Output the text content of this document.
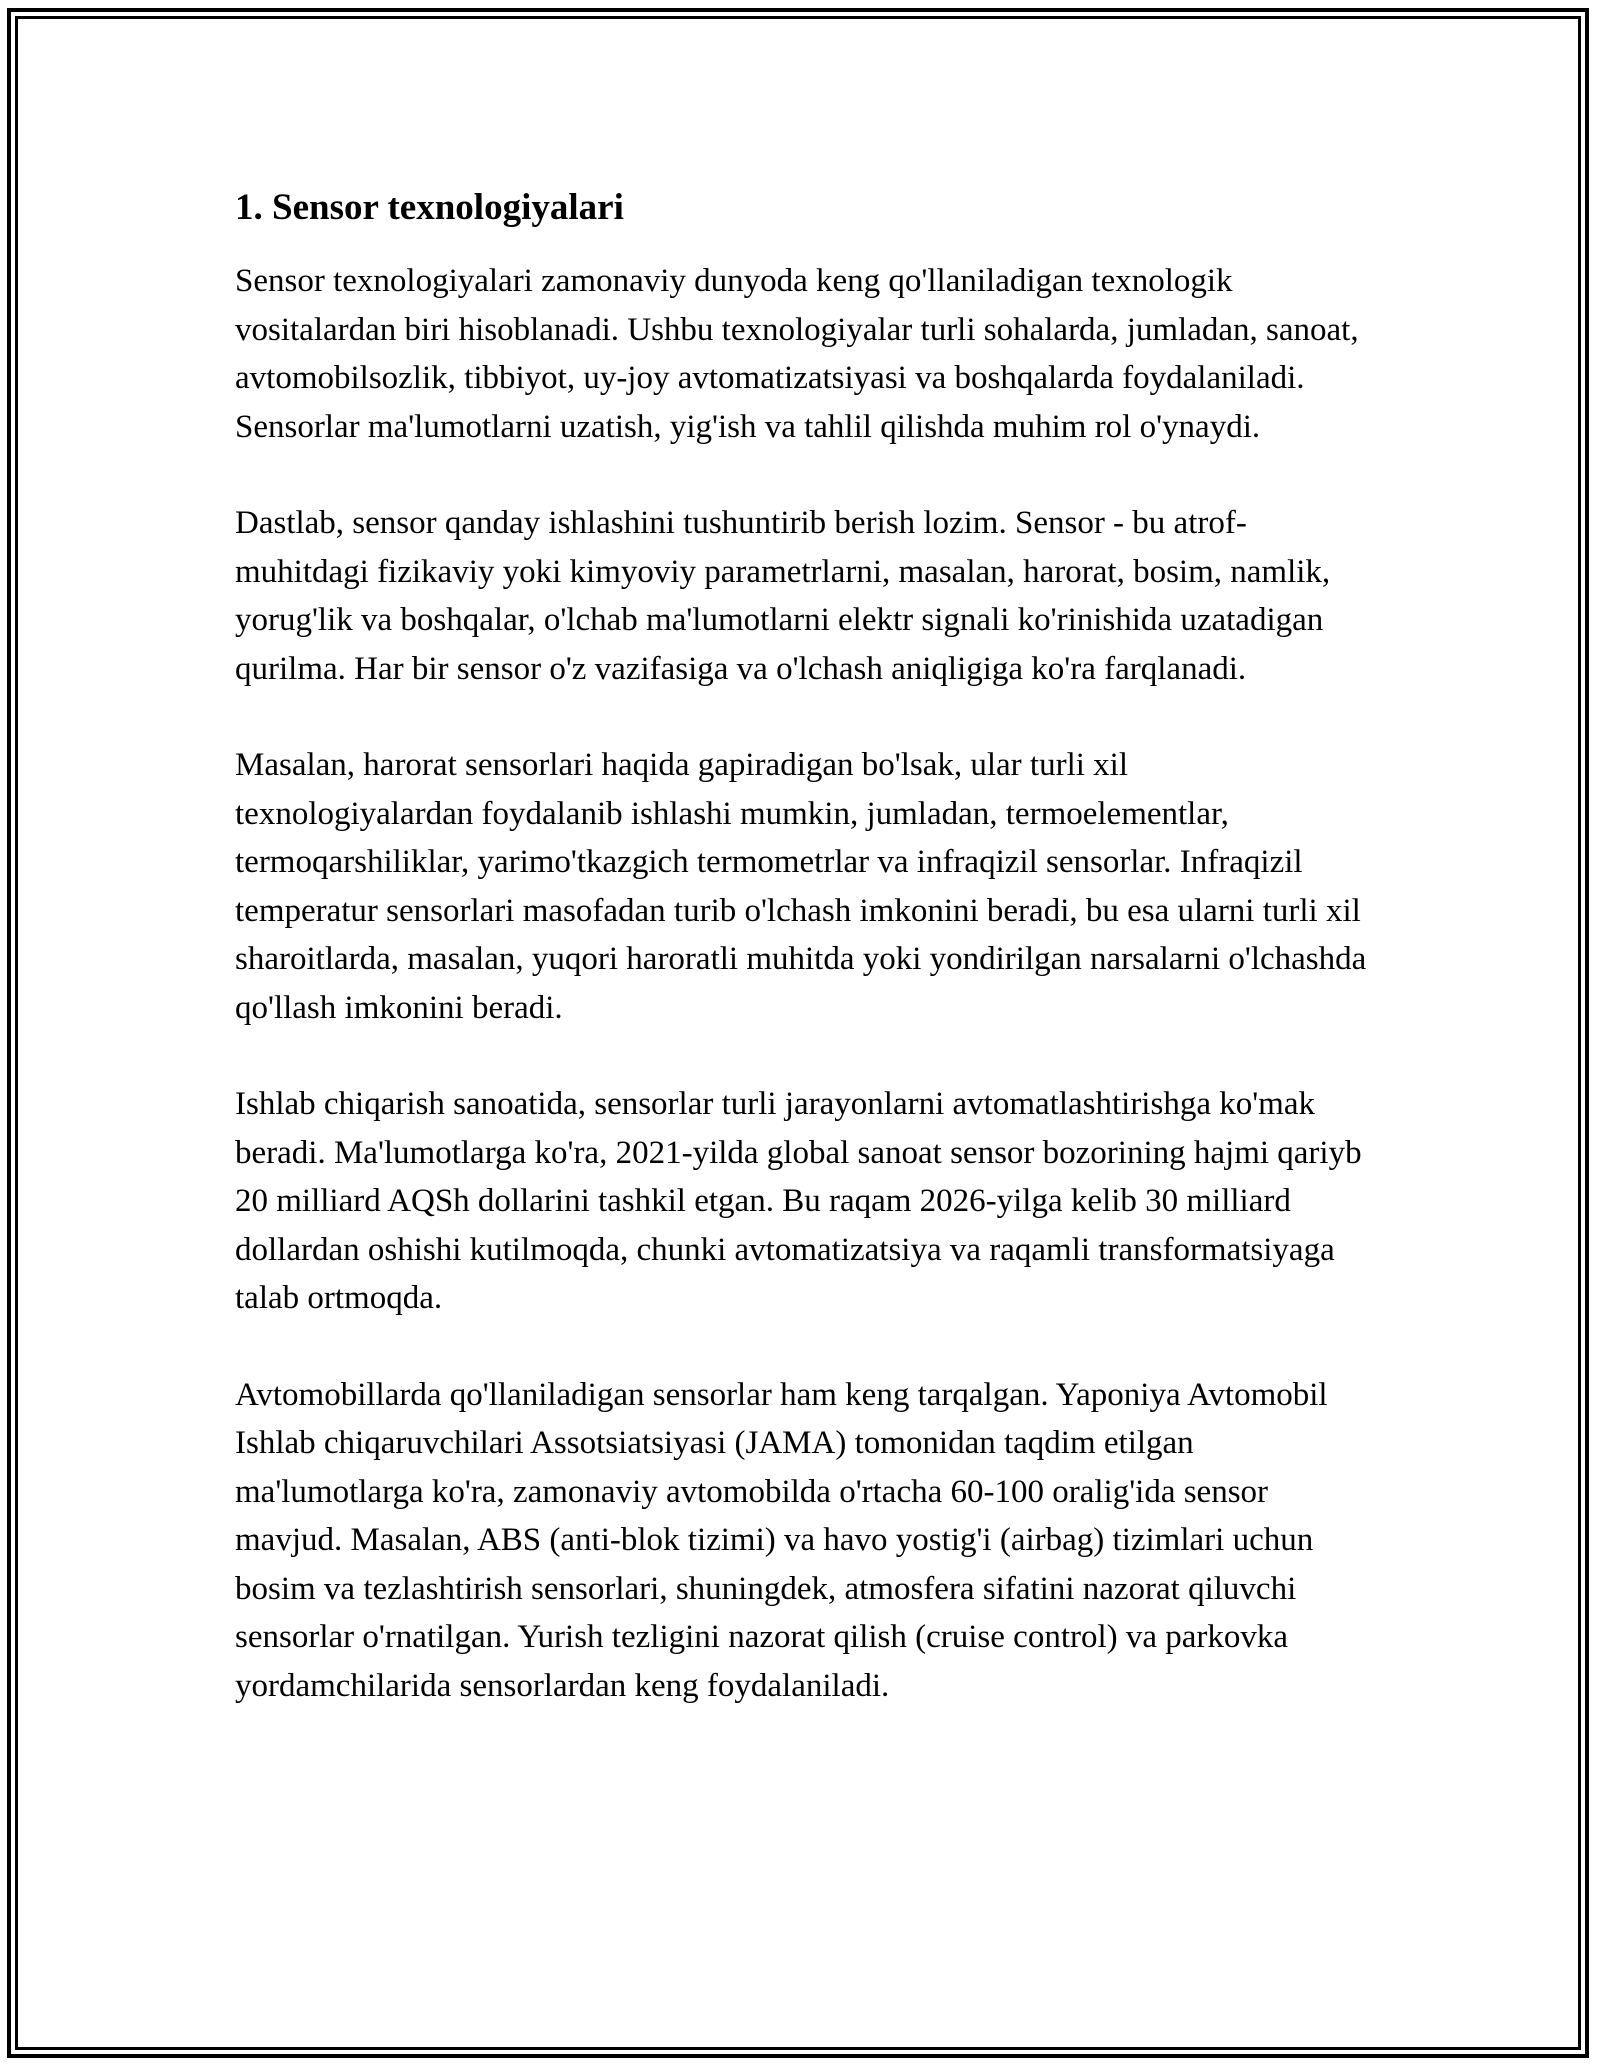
1. Sensor texnologiyalari

Sensor texnologiyalari zamonaviy dunyoda keng qo'llaniladigan texnologik vositalardan biri hisoblanadi. Ushbu texnologiyalar turli sohalarda, jumladan, sanoat, avtomobilsozlik, tibbiyot, uy-joy avtomatizatsiyasi va boshqalarda foydalaniladi. Sensorlar ma'lumotlarni uzatish, yig'ish va tahlil qilishda muhim rol o'ynaydi.

Dastlab, sensor qanday ishlashini tushuntirib berish lozim. Sensor - bu atrof-muhitdagi fizikaviy yoki kimyoviy parametrlarni, masalan, harorat, bosim, namlik, yorug'lik va boshqalar, o'lchab ma'lumotlarni elektr signali ko'rinishida uzatadigan qurilma. Har bir sensor o'z vazifasiga va o'lchash aniqligiga ko'ra farqlanadi.

Masalan, harorat sensorlari haqida gapiradigan bo'lsak, ular turli xil texnologiyalardan foydalanib ishlashi mumkin, jumladan, termoelementlar, termoqarshiliklar, yarimo'tkazgich termometrlar va infraqizil sensorlar. Infraqizil temperatur sensorlari masofadan turib o'lchash imkonini beradi, bu esa ularni turli xil sharoitlarda, masalan, yuqori haroratli muhitda yoki yondirilgan narsalarni o'lchashda qo'llash imkonini beradi.

Ishlab chiqarish sanoatida, sensorlar turli jarayonlarni avtomatlashtirishga ko'mak beradi. Ma'lumotlarga ko'ra, 2021-yilda global sanoat sensor bozorining hajmi qariyb 20 milliard AQSh dollarini tashkil etgan. Bu raqam 2026-yilga kelib 30 milliard dollardan oshishi kutilmoqda, chunki avtomatizatsiya va raqamli transformatsiyaga talab ortmoqda.

Avtomobillarda qo'llaniladigan sensorlar ham keng tarqalgan. Yaponiya Avtomobil Ishlab chiqaruvchilari Assotsiatsiyasi (JAMA) tomonidan taqdim etilgan ma'lumotlarga ko'ra, zamonaviy avtomobilda o'rtacha 60-100 oralig'ida sensor mavjud. Masalan, ABS (anti-blok tizimi) va havo yostig'i (airbag) tizimlari uchun bosim va tezlashtirish sensorlari, shuningdek, atmosfera sifatini nazorat qiluvchi sensorlar o'rnatilgan. Yurish tezligini nazorat qilish (cruise control) va parkovka yordamchilarida sensorlardan keng foydalaniladi.
